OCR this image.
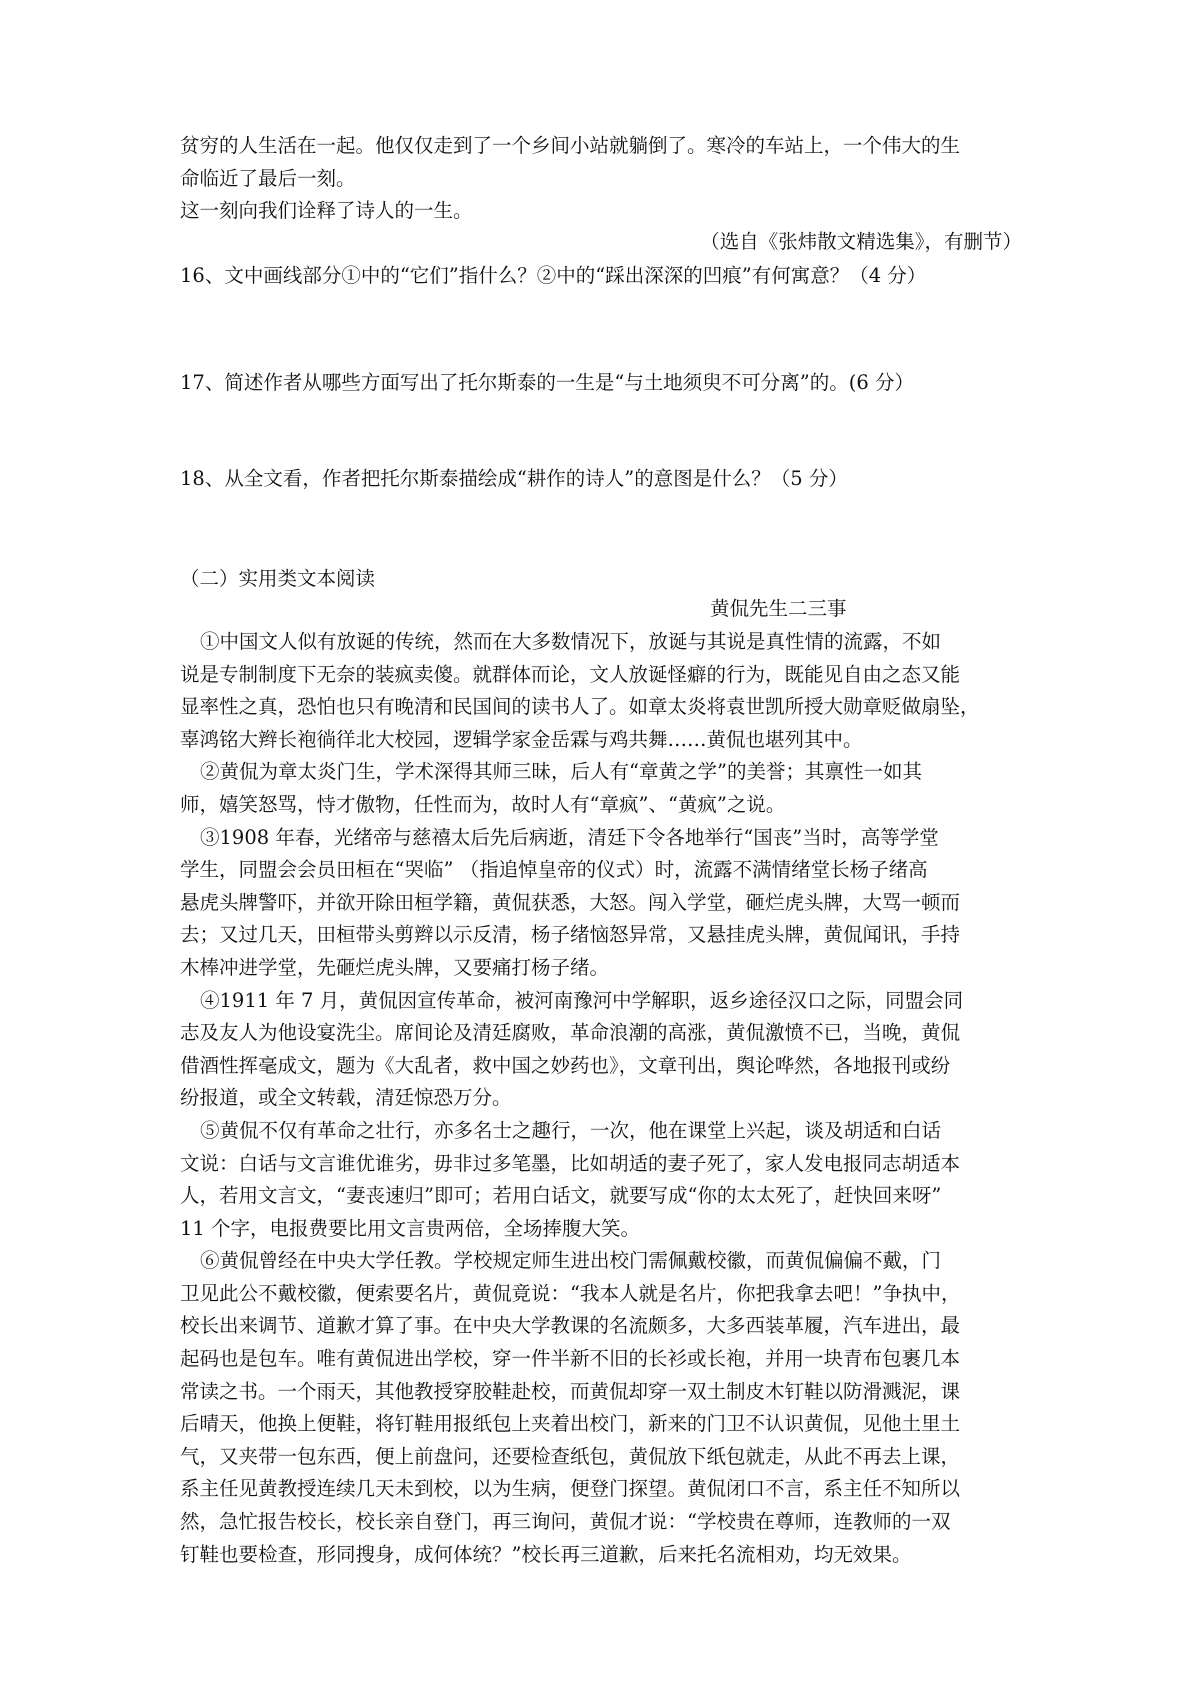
贫穷的人生活在一起。他仅仅走到了一个乡间小站就躺倒了。寒冷的车站上，一个伟大的生
命临近了最后一刻。
这一刻向我们诠释了诗人的一生。
（选自《张炜散文精选集》，有删节）
16、文中画线部分①中的“它们”指什么？②中的“踩出深深的凹痕”有何寓意？（4 分）
17、简述作者从哪些方面写出了托尔斯泰的一生是“与土地须臾不可分离”的。(6 分）
18、从全文看，作者把托尔斯泰描绘成“耕作的诗人”的意图是什么？（5 分）
（二）实用类文本阅读
黄侃先生二三事
①中国文人似有放诞的传统，然而在大多数情况下，放诞与其说是真性情的流露，不如
说是专制制度下无奈的装疯卖傻。就群体而论，文人放诞怪癖的行为，既能见自由之态又能
显率性之真，恐怕也只有晚清和民国间的读书人了。如章太炎将袁世凯所授大勋章贬做扇坠，
辜鸿铭大辫长袍徜徉北大校园，逻辑学家金岳霖与鸡共舞……黄侃也堪列其中。
②黄侃为章太炎门生，学术深得其师三昧，后人有“章黄之学”的美誉；其禀性一如其
师，嬉笑怒骂，恃才傲物，任性而为，故时人有“章疯”、“黄疯”之说。
③1908 年春，光绪帝与慈禧太后先后病逝，清廷下令各地举行“国丧”当时，高等学堂
学生，同盟会会员田桓在“哭临” （指追悼皇帝的仪式）时，流露不满情绪堂长杨子绪高
悬虎头牌警吓，并欲开除田桓学籍，黄侃获悉，大怒。闯入学堂，砸烂虎头牌，大骂一顿而
去；又过几天，田桓带头剪辫以示反清，杨子绪恼怒异常，又悬挂虎头牌，黄侃闻讯，手持
木棒冲进学堂，先砸烂虎头牌，又要痛打杨子绪。
④1911 年 7 月，黄侃因宣传革命，被河南豫河中学解职，返乡途径汉口之际，同盟会同
志及友人为他设宴洗尘。席间论及清廷腐败，革命浪潮的高涨，黄侃激愤不已，当晚，黄侃
借酒性挥毫成文，题为《大乱者，救中国之妙药也》，文章刊出，舆论哗然，各地报刊或纷
纷报道，或全文转载，清廷惊恐万分。
⑤黄侃不仅有革命之壮行，亦多名士之趣行，一次，他在课堂上兴起，谈及胡适和白话
文说：白话与文言谁优谁劣，毋非过多笔墨，比如胡适的妻子死了，家人发电报同志胡适本
人，若用文言文，“妻丧速归”即可；若用白话文，就要写成“你的太太死了，赶快回来呀”
11 个字，电报费要比用文言贵两倍，全场捧腹大笑。
⑥黄侃曾经在中央大学任教。学校规定师生进出校门需佩戴校徽，而黄侃偏偏不戴，门
卫见此公不戴校徽，便索要名片，黄侃竟说：“我本人就是名片，你把我拿去吧！”争执中，
校长出来调节、道歉才算了事。在中央大学教课的名流颇多，大多西装革履，汽车进出，最
起码也是包车。唯有黄侃进出学校，穿一件半新不旧的长衫或长袍，并用一块青布包裹几本
常读之书。一个雨天，其他教授穿胶鞋赴校，而黄侃却穿一双土制皮木钉鞋以防滑溅泥，课
后晴天，他换上便鞋，将钉鞋用报纸包上夹着出校门，新来的门卫不认识黄侃，见他土里土
气，又夹带一包东西，便上前盘问，还要检查纸包，黄侃放下纸包就走，从此不再去上课，
系主任见黄教授连续几天未到校，以为生病，便登门探望。黄侃闭口不言，系主任不知所以
然，急忙报告校长，校长亲自登门，再三询问，黄侃才说：“学校贵在尊师，连教师的一双
钉鞋也要检查，形同搜身，成何体统？”校长再三道歉，后来托名流相劝，均无效果。
